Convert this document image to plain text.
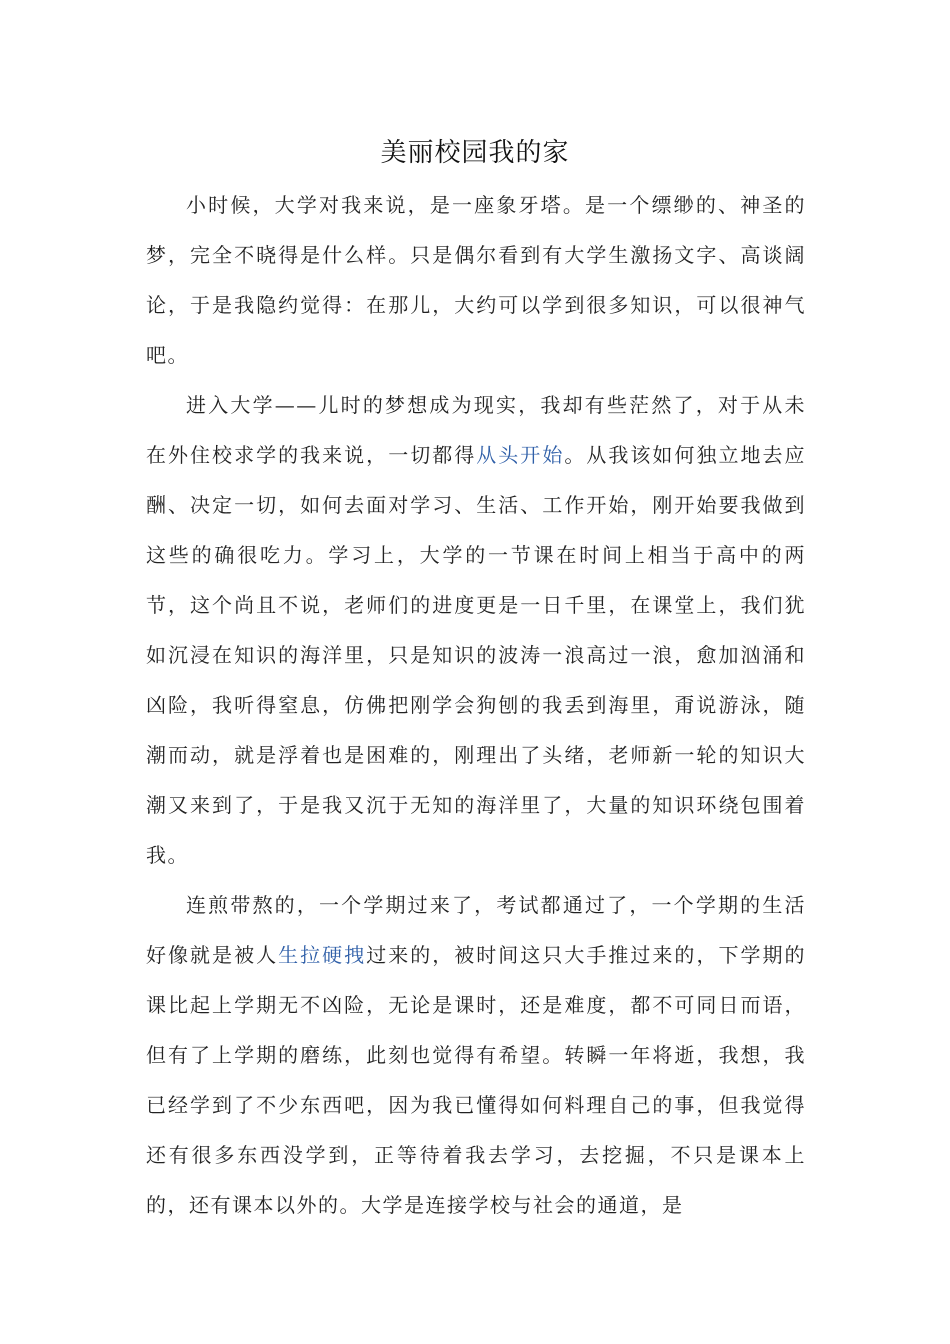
美丽校园我的家

小时候，大学对我来说，是一座象牙塔。是一个缥缈的、神圣的梦，完全不晓得是什么样。只是偶尔看到有大学生激扬文字、高谈阔论，于是我隐约觉得：在那儿，大约可以学到很多知识，可以很神气吧。

进入大学——儿时的梦想成为现实，我却有些茫然了，对于从未在外住校求学的我来说，一切都得从头开始。从我该如何独立地去应酬、决定一切，如何去面对学习、生活、工作开始，刚开始要我做到这些的确很吃力。学习上，大学的一节课在时间上相当于高中的两节，这个尚且不说，老师们的进度更是一日千里，在课堂上，我们犹如沉浸在知识的海洋里，只是知识的波涛一浪高过一浪，愈加汹涌和凶险，我听得窒息，仿佛把刚学会狗刨的我丢到海里，甭说游泳，随潮而动，就是浮着也是困难的，刚理出了头绪，老师新一轮的知识大潮又来到了，于是我又沉于无知的海洋里了，大量的知识环绕包围着我。

连煎带熬的，一个学期过来了，考试都通过了，一个学期的生活好像就是被人生拉硬拽过来的，被时间这只大手推过来的，下学期的课比起上学期无不凶险，无论是课时，还是难度，都不可同日而语，但有了上学期的磨练，此刻也觉得有希望。转瞬一年将逝，我想，我已经学到了不少东西吧，因为我已懂得如何料理自己的事，但我觉得还有很多东西没学到，正等待着我去学习，去挖掘，不只是课本上的，还有课本以外的。大学是连接学校与社会的通道，是
